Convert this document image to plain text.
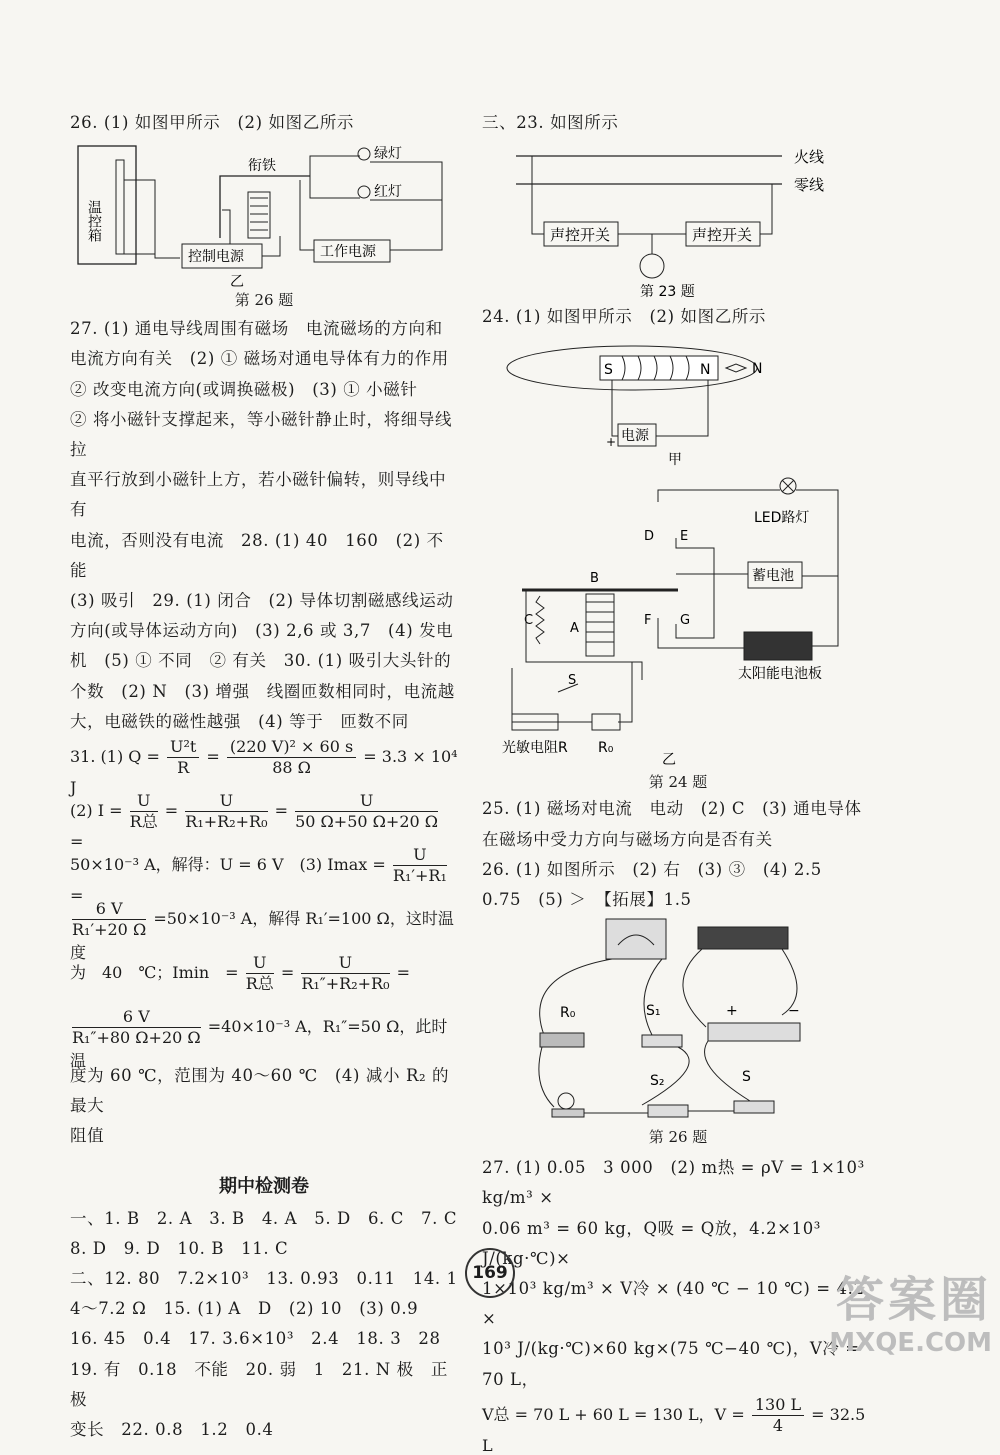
26. (1) 如图甲所示　(2) 如图乙所示

温控箱
控制电源
衔铁
绿灯
红灯
工作电源
乙

第 26 题

27. (1) 通电导线周围有磁场　电流磁场的方向和

电流方向有关　(2) ① 磁场对通电导体有力的作用

② 改变电流方向(或调换磁极)　(3) ① 小磁针

② 将小磁针支撑起来，等小磁针静止时，将细导线拉

直平行放到小磁针上方，若小磁针偏转，则导线中有

电流，否则没有电流　28. (1) 40　160　(2) 不能

(3) 吸引　29. (1) 闭合　(2) 导体切割磁感线运动

方向(或导体运动方向)　(3) 2,6 或 3,7　(4) 发电

机　(5) ① 不同　② 有关　30. (1) 吸引大头针的

个数　(2) N　(3) 增强　线圈匝数相同时，电流越

大，电磁铁的磁性越强　(4) 等于　匝数不同

31. (1) $Q = \frac{\text{U²t}}{R} = \frac{\text{(220 V)² × 60 s}}{88 \Omega} = 3.3 \times 10^4$ J
(2) $I = \frac{U}{\text{R总}} = \frac{U}{\text{R₁+R₂+R₀}} = \frac{U}{50 \Omega+50 \Omega+20 \Omega}$
=
50×10⁻³ A，解得：U = 6 V　(3) $Imax = \frac{U}{\text{R₁′+R₁}}$
=
$\frac{6 V}{\text{R₁′+20 Ω}} =50\times 10^{-3}$ A，解得 R₁′=100 Ω，这时温度
为　40　℃；Imin　= $\frac{U}{\text{R总}} = \frac{U}{\text{R₁″+R₂+R₀}}$ =
$\frac{6 V}{\text{R₁″+80 Ω+20 Ω}} =40\times 10^{-3}$ A，R₁″=50 Ω，此时温

度为 60 ℃，范围为 40～60 ℃　(4) 减小 R₂ 的最大

阻值

期中检测卷

一、1. B　2. A　3. B　4. A　5. D　6. C　7. C

8. D　9. D　10. B　11. C

二、12. 80　7.2×10³　13. 0.93　0.11　14. 1

4～7.2 Ω　15. (1) A　D　(2) 10　(3) 0.9

16. 45　0.4　17. 3.6×10³　2.4　18. 3　28

19. 有　0.18　不能　20. 弱　1　21. N 极　正极

变长　22. 0.8　1.2　0.4

三、23. 如图所示

火线
零线
声控开关	声控开关
第 23 题

24. (1) 如图甲所示　(2) 如图乙所示

S	N	N
电源
+
甲
LED路灯
蓄电池
太阳能电池板
D E
F G
B
A
C
S
光敏电阻R R₀
乙

第 24 题

25. (1) 磁场对电流　电动　(2) C　(3) 通电导体

在磁场中受力方向与磁场方向是否有关

26. (1) 如图所示　(2) 右　(3) ③　(4) 2.5

0.75　(5) ＞　【拓展】1.5

R₀	S₁	+	−
S₂	S

第 26 题

27. (1) 0.05　3 000　(2) m热 = ρV = 1×10³ kg/m³ ×

0.06 m³ = 60 kg，Q吸 = Q放，4.2×10³ J/(kg·℃)×

1×10³ kg/m³ × V冷 × (40 ℃ − 10 ℃) = 4.2 ×

10³ J/(kg·℃)×60 kg×(75 ℃−40 ℃)，V冷 = 70 L，

V总 = 70 L + 60 L = 130 L，$V = \frac{130 L}{4} = 32.5$ L
169	答案圈
MXQE.COM
